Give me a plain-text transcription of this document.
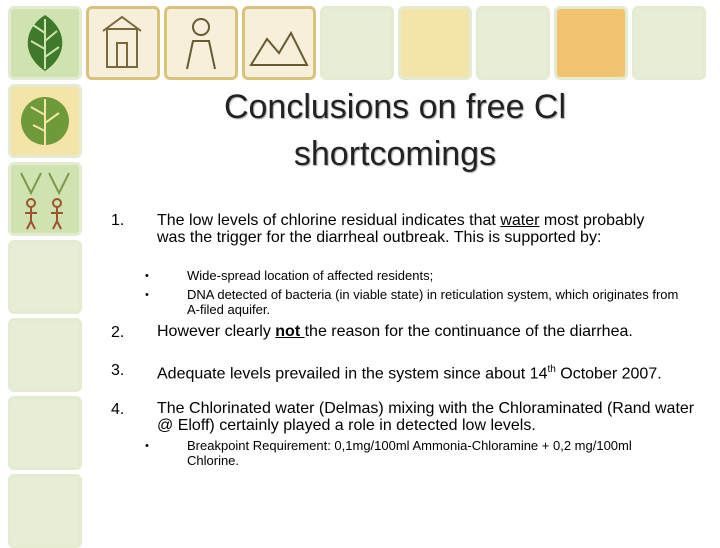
Conclusions on free Cl
shortcomings
1. The low levels of chlorine residual indicates that water most probably was the trigger for the diarrheal outbreak. This is supported by:
•	Wide-spread location of affected residents;
•	DNA detected of bacteria (in viable state) in reticulation system, which originates from A-filed aquifer.
2. However clearly not the reason for the continuance of the diarrhea.
3. Adequate levels prevailed in the system since about 14th October 2007.
4. The Chlorinated water (Delmas) mixing with the Chloraminated (Rand water @ Eloff) certainly played a role in detected low levels.
•	Breakpoint Requirement: 0,1mg/100ml Ammonia-Chloramine + 0,2 mg/100ml Chlorine.
